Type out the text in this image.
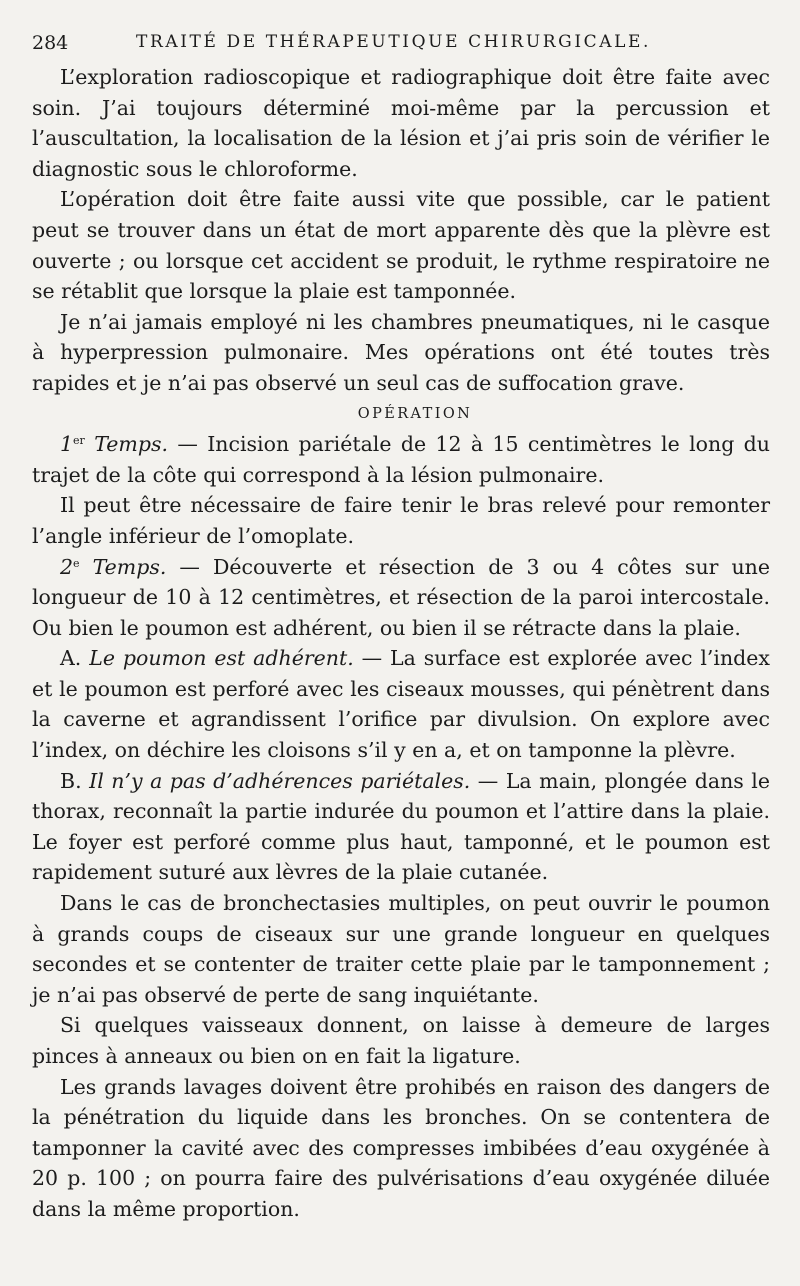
284	TRAITÉ DE THÉRAPEUTIQUE CHIRURGICALE.

L’exploration radioscopique et radiographique doit être faite avec soin. J’ai toujours déterminé moi-même par la percussion et l’auscultation, la localisation de la lésion et j’ai pris soin de vérifier le diagnostic sous le chloroforme.

L’opération doit être faite aussi vite que possible, car le patient peut se trouver dans un état de mort apparente dès que la plèvre est ouverte ; ou lorsque cet accident se produit, le rythme respiratoire ne se rétablit que lorsque la plaie est tamponnée.

Je n’ai jamais employé ni les chambres pneumatiques, ni le casque à hyperpression pulmonaire. Mes opérations ont été toutes très rapides et je n’ai pas observé un seul cas de suffocation grave.

OPÉRATION

1er Temps. — Incision pariétale de 12 à 15 centimètres le long du trajet de la côte qui correspond à la lésion pulmonaire.

Il peut être nécessaire de faire tenir le bras relevé pour remonter l’angle inférieur de l’omoplate.

2e Temps. — Découverte et résection de 3 ou 4 côtes sur une longueur de 10 à 12 centimètres, et résection de la paroi intercostale. Ou bien le poumon est adhérent, ou bien il se rétracte dans la plaie.

A. Le poumon est adhérent. — La surface est explorée avec l’index et le poumon est perforé avec les ciseaux mousses, qui pénètrent dans la caverne et agrandissent l’orifice par divulsion. On explore avec l’index, on déchire les cloisons s’il y en a, et on tamponne la plèvre.

B. Il n’y a pas d’adhérences pariétales. — La main, plongée dans le thorax, reconnaît la partie indurée du poumon et l’attire dans la plaie. Le foyer est perforé comme plus haut, tamponné, et le poumon est rapidement suturé aux lèvres de la plaie cutanée.

Dans le cas de bronchectasies multiples, on peut ouvrir le poumon à grands coups de ciseaux sur une grande longueur en quelques secondes et se contenter de traiter cette plaie par le tamponnement ; je n’ai pas observé de perte de sang inquiétante.

Si quelques vaisseaux donnent, on laisse à demeure de larges pinces à anneaux ou bien on en fait la ligature.

Les grands lavages doivent être prohibés en raison des dangers de la pénétration du liquide dans les bronches. On se contentera de tamponner la cavité avec des compresses imbibées d’eau oxygénée à 20 p. 100 ; on pourra faire des pulvérisations d’eau oxygénée diluée dans la même proportion.
